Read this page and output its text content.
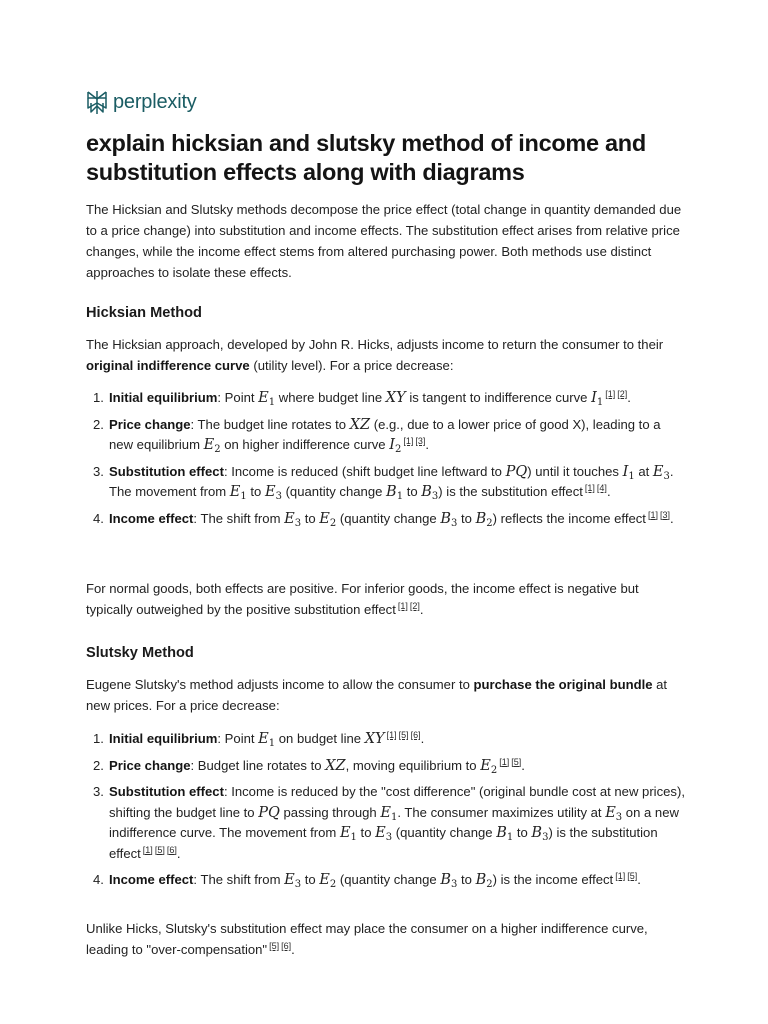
perplexity
explain hicksian and slutsky method of income and substitution effects along with diagrams

The Hicksian and Slutsky methods decompose the price effect (total change in quantity demanded due to a price change) into substitution and income effects. The substitution effect arises from relative price changes, while the income effect stems from altered purchasing power. Both methods use distinct approaches to isolate these effects.

Hicksian Method

The Hicksian approach, developed by John R. Hicks, adjusts income to return the consumer to their original indifference curve (utility level). For a price decrease:

1. Initial equilibrium: Point $E_1$ where budget line XY is tangent to indifference curve $I_1[1]$ [2].
2. Price change: The budget line rotates to XZ (e.g., due to a lower price of good X), leading to a new equilibrium $E_2$ on higher indifference curve $I_2[1]$ [3].
3. Substitution effect: Income is reduced (shift budget line leftward to PQ) until it touches $I_1$ at $E_3$. The movement from $E_1$ to $E_3$ (quantity change $B_1$ to $B_3$) is the substitution effect [1] [4].
4. Income effect: The shift from $E_3$ to $E_2$ (quantity change $B_3$ to $B_2$) reflects the income effect [1] [3].

For normal goods, both effects are positive. For inferior goods, the income effect is negative but typically outweighed by the positive substitution effect [1] [2].

Slutsky Method

Eugene Slutsky's method adjusts income to allow the consumer to purchase the original bundle at new prices. For a price decrease:

1. Initial equilibrium: Point $E_1$ on budget line XY [1] [5] [6].
2. Price change: Budget line rotates to XZ, moving equilibrium to $E_2[1]$ [5].
3. Substitution effect: Income is reduced by the "cost difference" (original bundle cost at new prices), shifting the budget line to PQ passing through $E_1$. The consumer maximizes utility at $E_3$ on a new indifference curve. The movement from $E_1$ to $E_3$ (quantity change $B_1$ to $B_3$) is the substitution effect [1] [5] [6].
4. Income effect: The shift from $E_3$ to $E_2$ (quantity change $B_3$ to $B_2$) is the income effect [1] [5].

Unlike Hicks, Slutsky's substitution effect may place the consumer on a higher indifference curve, leading to "over-compensation" [5] [6].
